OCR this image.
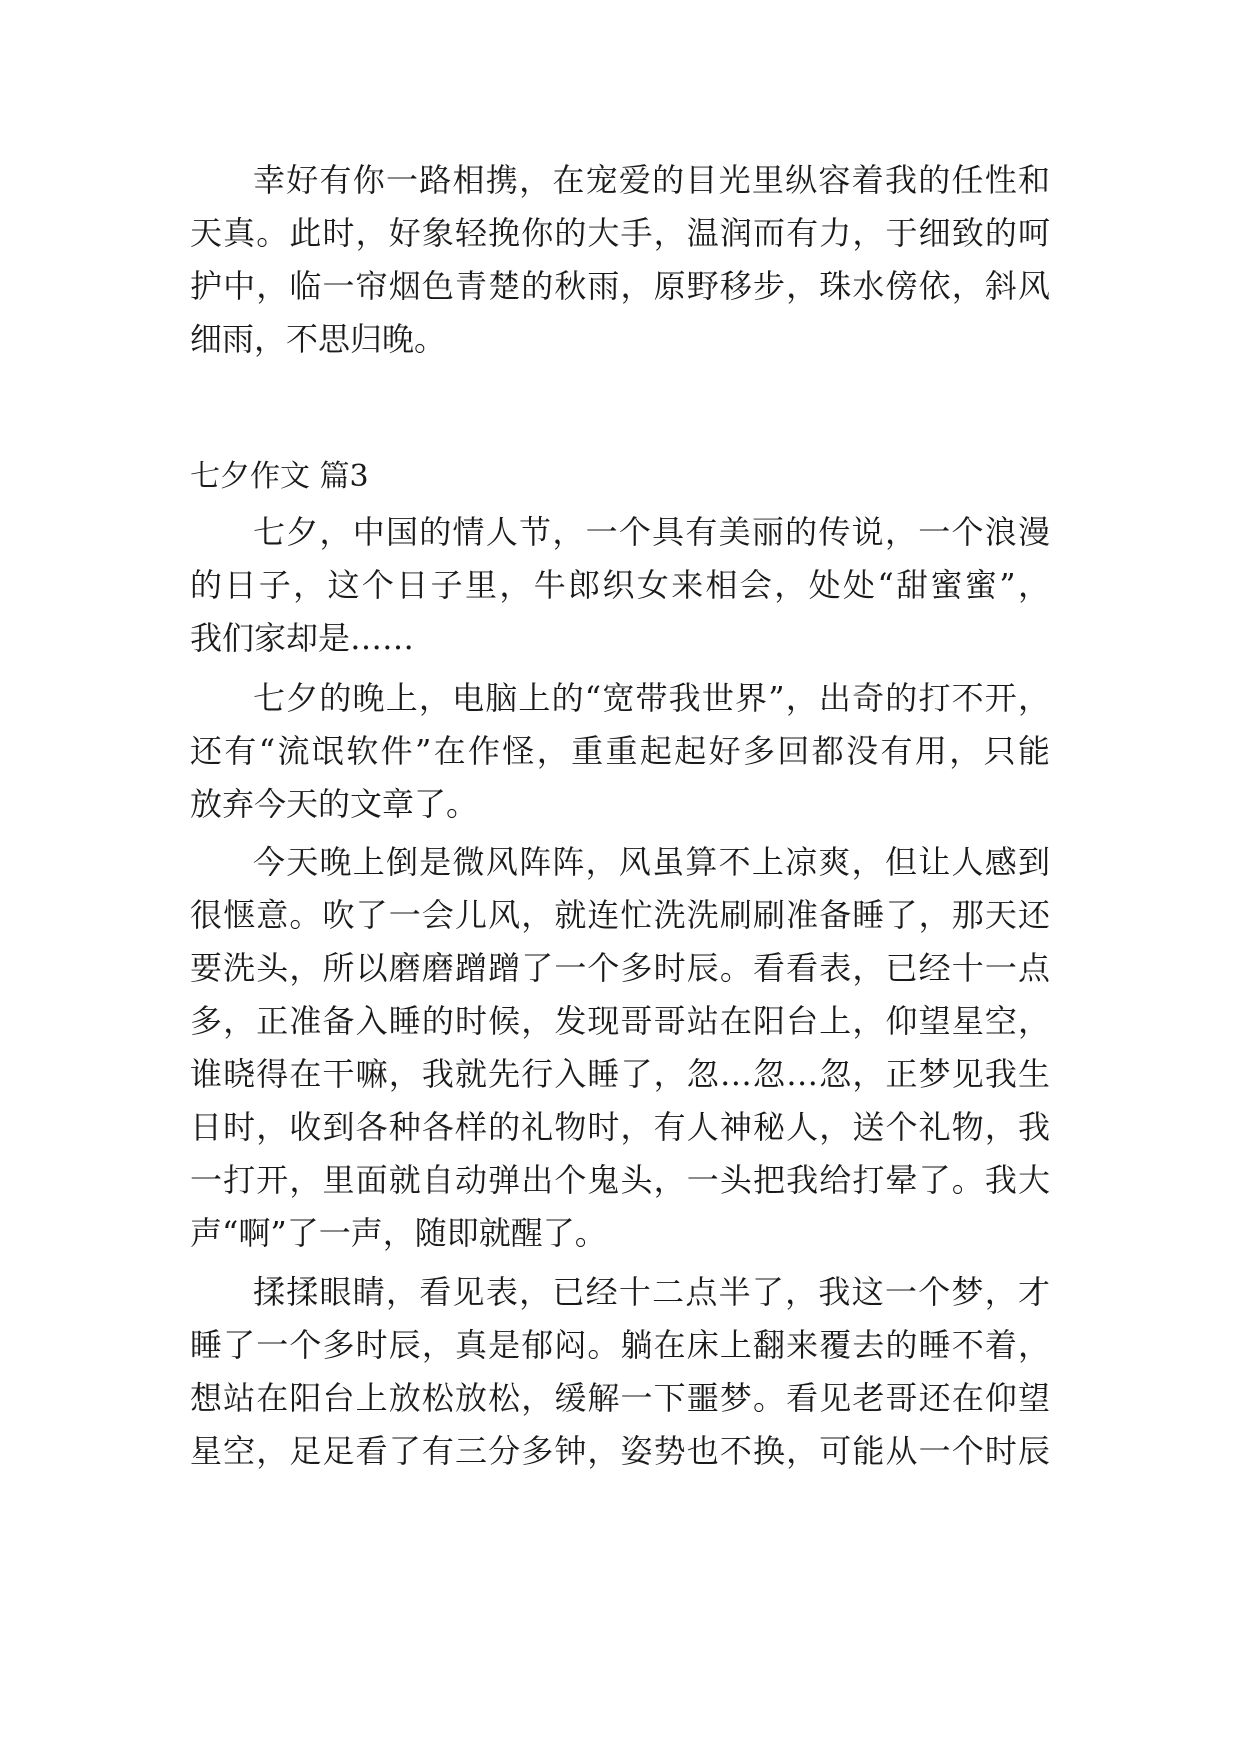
幸好有你一路相携，在宠爱的目光里纵容着我的任性和
天真。此时，好象轻挽你的大手，温润而有力，于细致的呵
护中，临一帘烟色青楚的秋雨，原野移步，珠水傍依，斜风
细雨，不思归晚。
七夕作文 篇3
七夕，中国的情人节，一个具有美丽的传说，一个浪漫
的日子，这个日子里，牛郎织女来相会，处处“甜蜜蜜”，
我们家却是……
七夕的晚上，电脑上的“宽带我世界”，出奇的打不开，
还有“流氓软件”在作怪，重重起起好多回都没有用，只能
放弃今天的文章了。
今天晚上倒是微风阵阵，风虽算不上凉爽，但让人感到
很惬意。吹了一会儿风，就连忙洗洗刷刷准备睡了，那天还
要洗头，所以磨磨蹭蹭了一个多时辰。看看表，已经十一点
多，正准备入睡的时候，发现哥哥站在阳台上，仰望星空，
谁晓得在干嘛，我就先行入睡了，忽…忽…忽，正梦见我生
日时，收到各种各样的礼物时，有人神秘人，送个礼物，我
一打开，里面就自动弹出个鬼头，一头把我给打晕了。我大
声“啊”了一声，随即就醒了。
揉揉眼睛，看见表，已经十二点半了，我这一个梦，才
睡了一个多时辰，真是郁闷。躺在床上翻来覆去的睡不着，
想站在阳台上放松放松，缓解一下噩梦。看见老哥还在仰望
星空，足足看了有三分多钟，姿势也不换，可能从一个时辰
